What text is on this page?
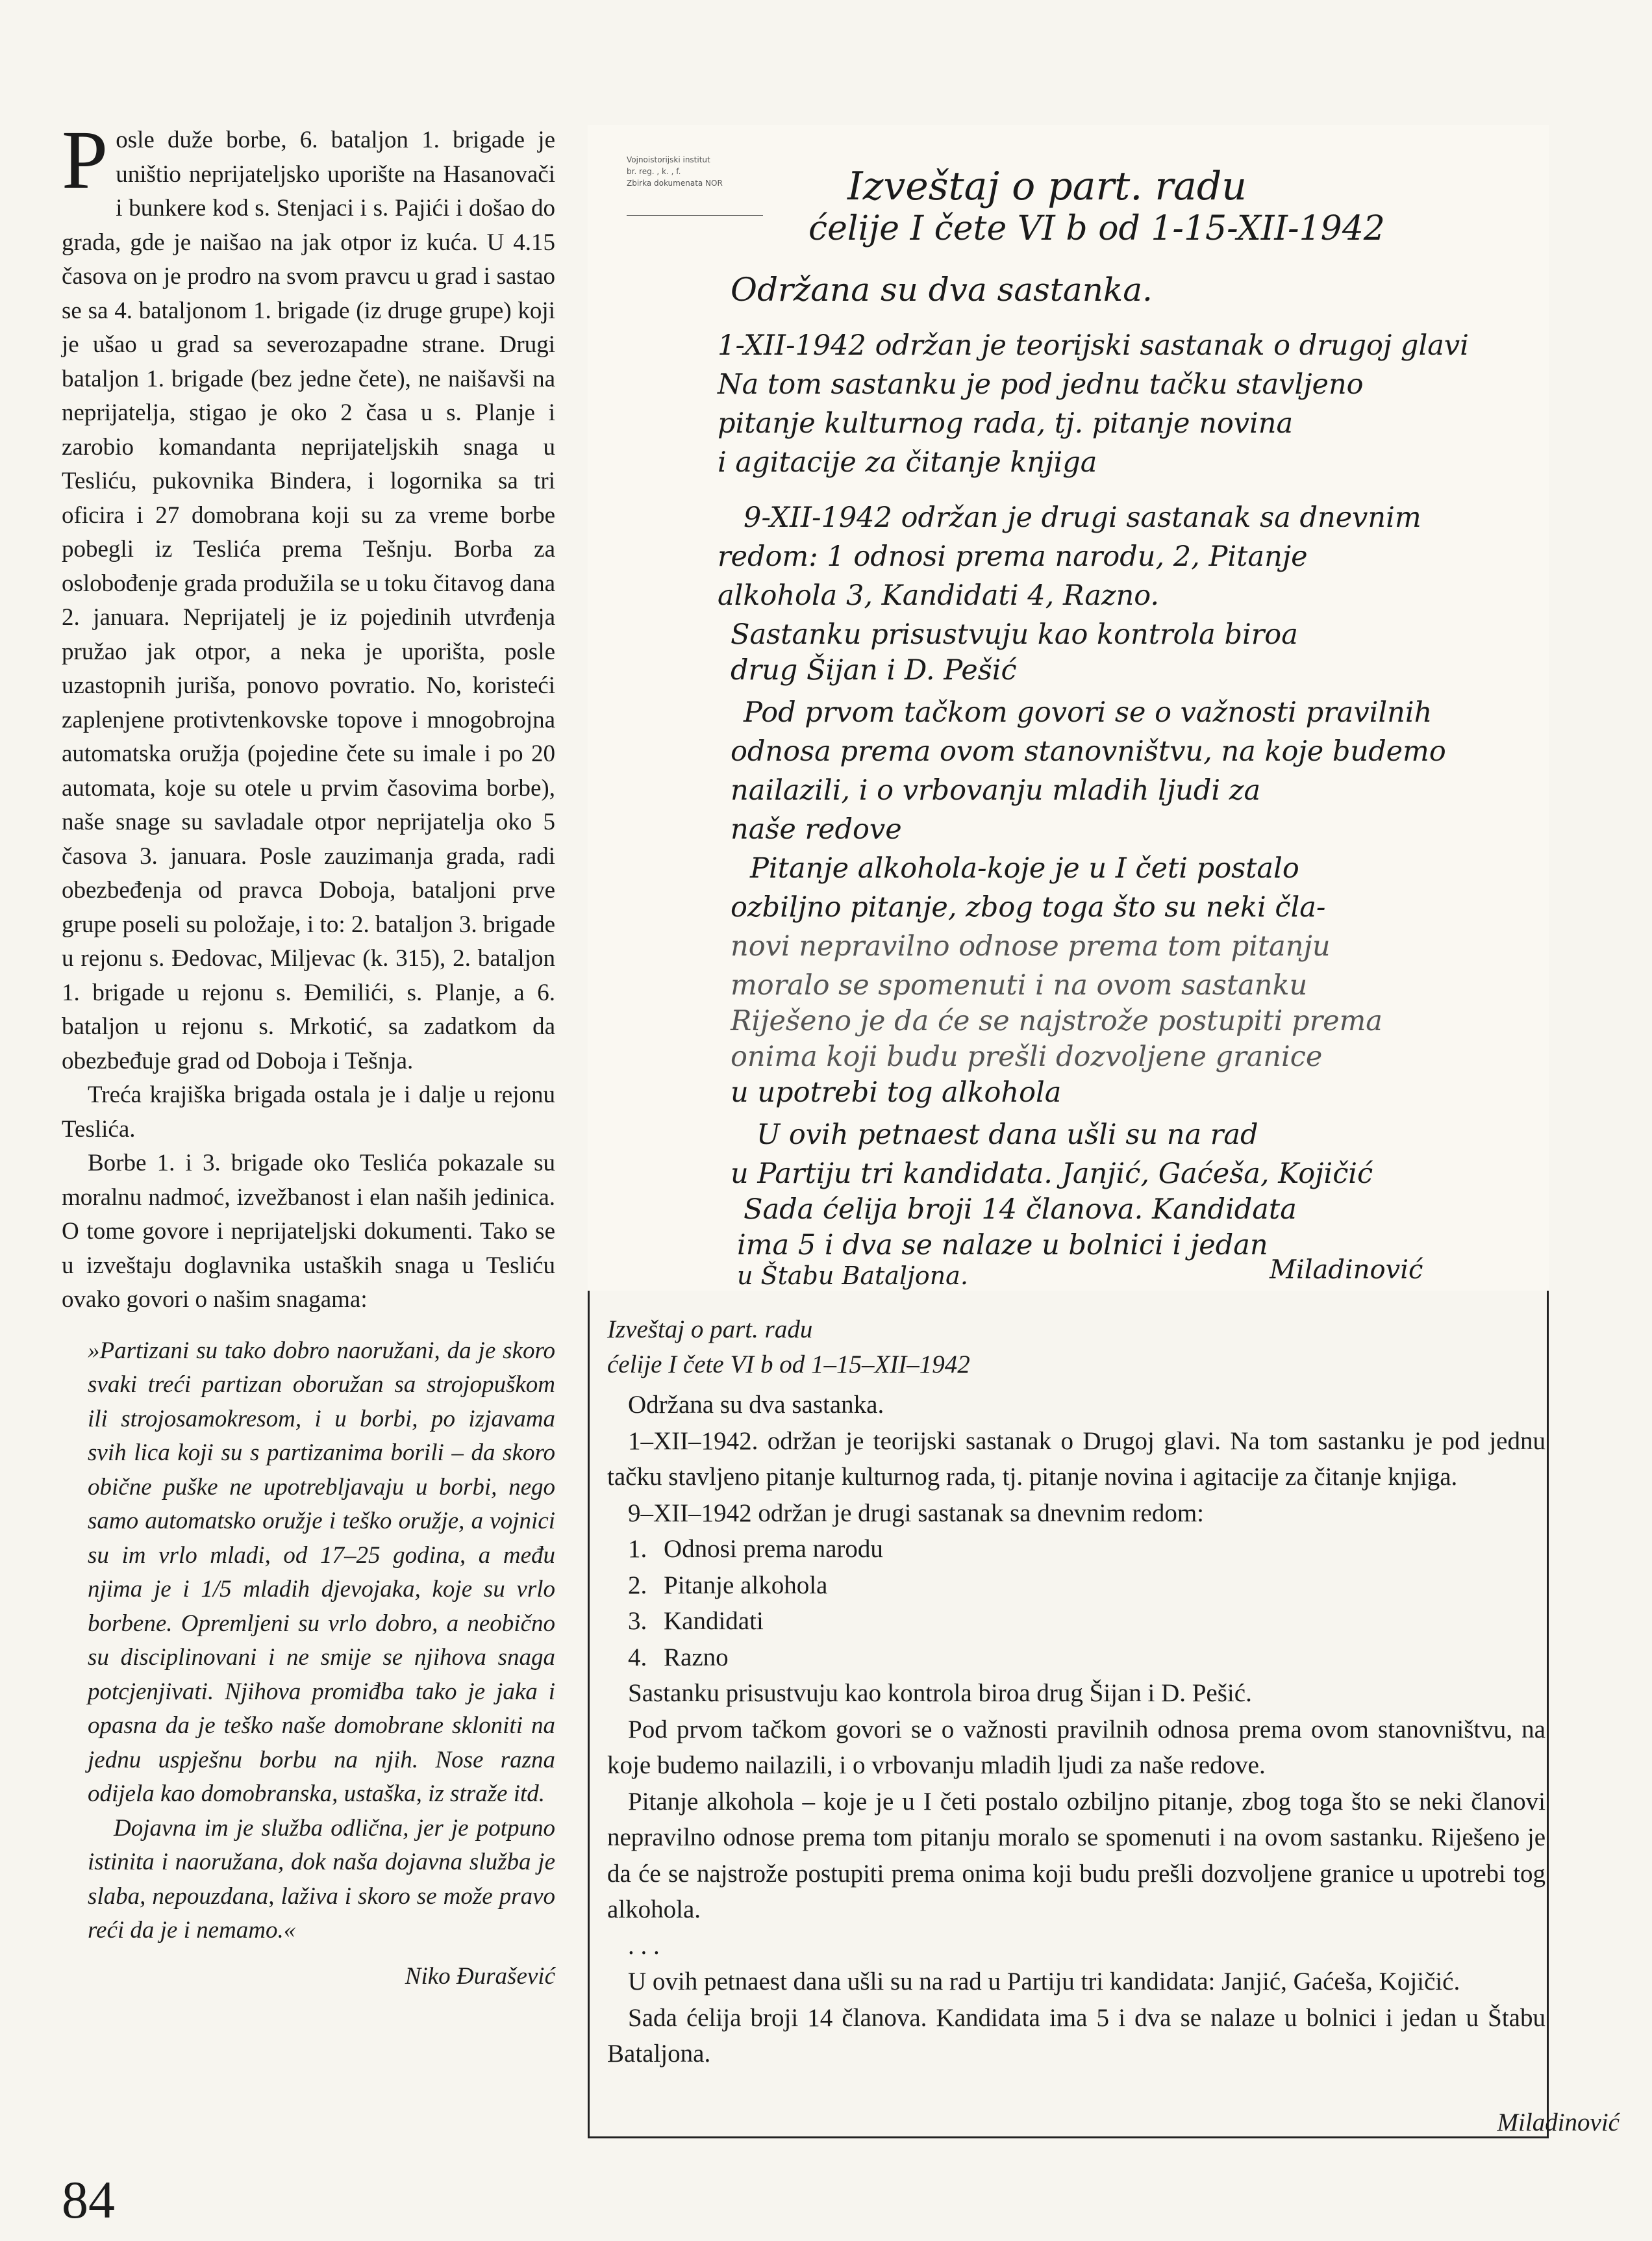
Posle duže borbe, 6. bataljon 1. brigade je uništio neprijateljsko uporište na Hasanovači i bunkere kod s. Stenjaci i s. Pajići i došao do grada, gde je naišao na jak otpor iz kuća. U 4.15 časova on je prodro na svom pravcu u grad i sastao se sa 4. bataljonom 1. brigade (iz druge grupe) koji je ušao u grad sa severozapadne strane. Drugi bataljon 1. brigade (bez jedne čete), ne naišavši na neprijatelja, stigao je oko 2 časa u s. Planje i zarobio komandanta neprijateljskih snaga u Tesliću, pukovnika Bindera, i logornika sa tri oficira i 27 domobrana koji su za vreme borbe pobegli iz Teslića prema Tešnju. Borba za oslobođenje grada produžila se u toku čitavog dana 2. januara. Neprijatelj je iz pojedinih utvrđenja pružao jak otpor, a neka je uporišta, posle uzastopnih juriša, ponovo povratio. No, koristeći zaplenjene protivtenkovske topove i mnogobrojna automatska oružja (pojedine čete su imale i po 20 automata, koje su otele u prvim časovima borbe), naše snage su savladale otpor neprijatelja oko 5 časova 3. januara. Posle zauzimanja grada, radi obezbeđenja od pravca Doboja, bataljoni prve grupe poseli su položaje, i to: 2. bataljon 3. brigade u rejonu s. Đedovac, Miljevac (k. 315), 2. bataljon 1. brigade u rejonu s. Đemilići, s. Planje, a 6. bataljon u rejonu s. Mrkotić, sa zadatkom da obezbeđuje grad od Doboja i Tešnja.

Treća krajiška brigada ostala je i dalje u rejonu Teslića.

Borbe 1. i 3. brigade oko Teslića pokazale su moralnu nadmoć, izvežbanost i elan naših jedinica. O tome govore i neprijateljski dokumenti. Tako se u izveštaju doglavnika ustaških snaga u Tesliću ovako govori o našim snagama:

»Partizani su tako dobro naoružani, da je skoro svaki treći partizan oboružan sa strojopuškom ili strojosamokresom, i u borbi, po izjavama svih lica koji su s partizanima borili – da skoro obične puške ne upotrebljavaju u borbi, nego samo automatsko oružje i teško oružje, a vojnici su im vrlo mladi, od 17–25 godina, a među njima je i 1/5 mladih djevojaka, koje su vrlo borbene. Opremljeni su vrlo dobro, a neobično su disciplinovani i ne smije se njihova snaga potcjenjivati. Njihova promiđba tako je jaka i opasna da je teško naše domobrane skloniti na jednu uspješnu borbu na njih. Nose razna odijela kao domobranska, ustaška, iz straže itd.

Dojavna im je služba odlična, jer je potpuno istinita i naoružana, dok naša dojavna služba je slaba, nepouzdana, laživa i skoro se može pravo reći da je i nemamo.«

Niko Đurašević
84
Vojnoistorijski institut
br. reg. , k. , f.
Zbirka dokumenata NOR	Izveštaj o part. radu
ćelije I čete VI b od 1-15-XII-1942
Održana su dva sastanka.
1-XII-1942 održan je teorijski sastanak o drugoj glavi
Na tom sastanku je pod jednu tačku stavljeno
pitanje kulturnog rada, tj. pitanje novina
i agitacije za čitanje knjiga
9-XII-1942 održan je drugi sastanak sa dnevnim
redom: 1 odnosi prema narodu, 2, Pitanje
alkohola 3, Kandidati 4, Razno.
Sastanku prisustvuju kao kontrola biroa
drug Šijan i D. Pešić
Pod prvom tačkom govori se o važnosti pravilnih
odnosa prema ovom stanovništvu, na koje budemo
nailazili, i o vrbovanju mladih ljudi za
naše redove
Pitanje alkohola-koje je u I četi postalo
ozbiljno pitanje, zbog toga što su neki čla-
novi nepravilno odnose prema tom pitanju
moralo se spomenuti i na ovom sastanku
Riješeno je da će se najstrože postupiti prema
onima koji budu prešli dozvoljene granice
u upotrebi tog alkohola
U ovih petnaest dana ušli su na rad
u Partiju tri kandidata. Janjić, Gaćeša, Kojičić
Sada ćelija broji 14 članova. Kandidata
ima 5 i dva se nalaze u bolnici i jedan
u Štabu Bataljona.	Miladinović
Izveštaj o part. radu
ćelije I čete VI b od 1–15–XII–1942

Održana su dva sastanka.

1–XII–1942. održan je teorijski sastanak o Drugoj glavi. Na tom sastanku je pod jednu tačku stavljeno pitanje kulturnog rada, tj. pitanje novina i agitacije za čitanje knjiga.

9–XII–1942 održan je drugi sastanak sa dnevnim redom:

1. Odnosi prema narodu
2. Pitanje alkohola
3. Kandidati
4. Razno

Sastanku prisustvuju kao kontrola biroa drug Šijan i D. Pešić.

Pod prvom tačkom govori se o važnosti pravilnih odnosa prema ovom stanovništvu, na koje budemo nailazili, i o vrbovanju mladih ljudi za naše redove.

Pitanje alkohola – koje je u I četi postalo ozbiljno pitanje, zbog toga što se neki članovi nepravilno odnose prema tom pitanju moralo se spomenuti i na ovom sastanku. Riješeno je da će se najstrože postupiti prema onima koji budu prešli dozvoljene granice u upotrebi tog alkohola.

. . .

U ovih petnaest dana ušli su na rad u Partiju tri kandidata: Janjić, Gaćeša, Kojičić.

Sada ćelija broji 14 članova. Kandidata ima 5 i dva se nalaze u bolnici i jedan u Štabu Bataljona.

Miladinović
